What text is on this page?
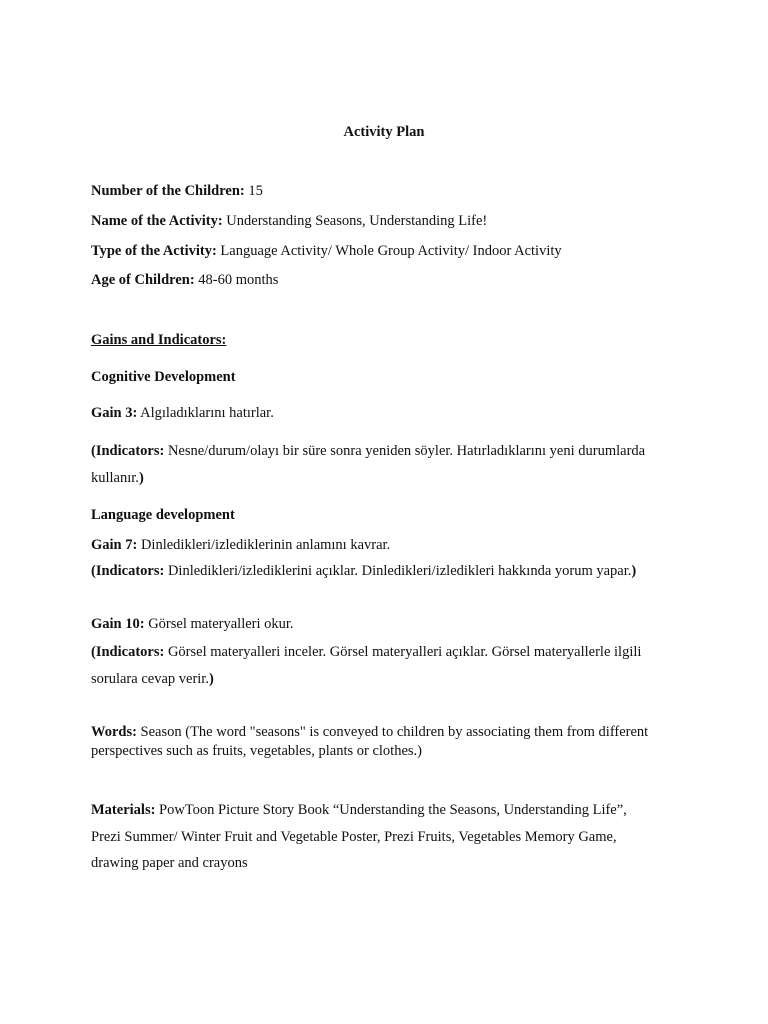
Activity Plan
Number of the Children: 15
Name of the Activity: Understanding Seasons, Understanding Life!
Type of the Activity: Language Activity/ Whole Group Activity/ Indoor Activity
Age of Children: 48-60 months
Gains and Indicators:
Cognitive Development
Gain 3: Algıladıklarını hatırlar.
(Indicators: Nesne/durum/olayı bir süre sonra yeniden söyler. Hatırladıklarını yeni durumlarda
kullanır.)
Language development
Gain 7: Dinledikleri/izlediklerinin anlamını kavrar.
(Indicators: Dinledikleri/izlediklerini açıklar. Dinledikleri/izledikleri hakkında yorum yapar.)
Gain 10: Görsel materyalleri okur.
(Indicators: Görsel materyalleri inceler. Görsel materyalleri açıklar. Görsel materyallerle ilgili
sorulara cevap verir.)
Words: Season (The word "seasons" is conveyed to children by associating them from different
perspectives such as fruits, vegetables, plants or clothes.)
Materials: PowToon Picture Story Book “Understanding the Seasons, Understanding Life”,
Prezi Summer/ Winter Fruit and Vegetable Poster, Prezi Fruits, Vegetables Memory Game,
drawing paper and crayons
